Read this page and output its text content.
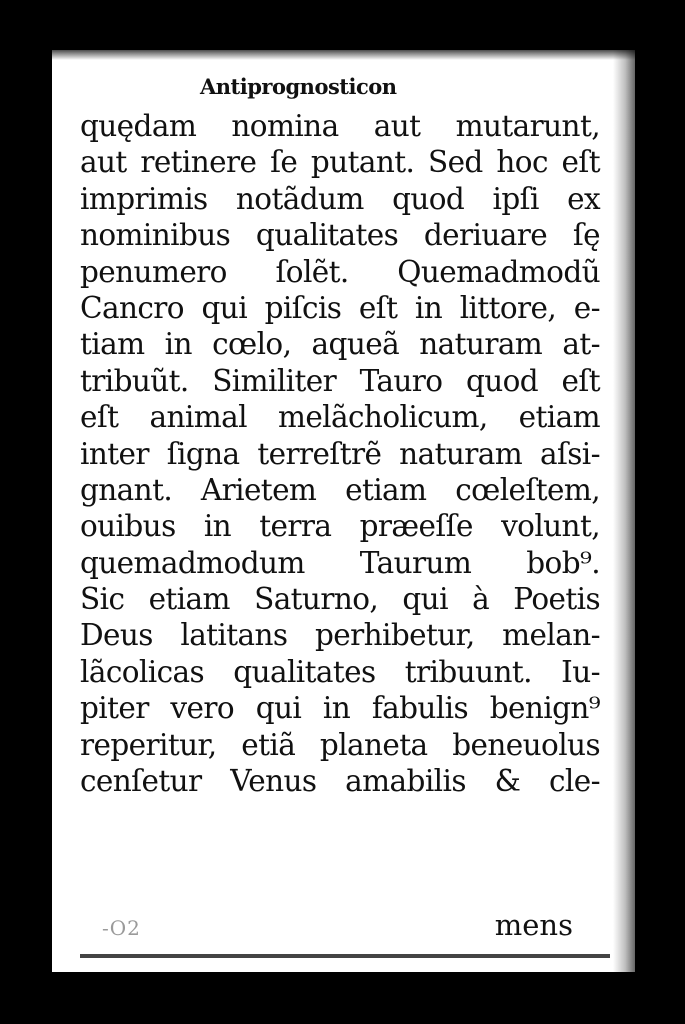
Antiprognosticon
quędam nomina aut mutarunt,
aut retinere ſe putant. Sed hoc eſt
imprimis notãdum quod ipſi ex
nominibus qualitates deriuare ſę
penumero ſolẽt. Quemadmodũ
Cancro qui piſcis eſt in littore, e-
tiam in cœlo, aqueã naturam at-
tribuũt. Similiter Tauro quod eſt
eſt animal melãcholicum, etiam
inter ſigna terreſtrẽ naturam aſsi-
gnant. Arietem etiam cœleſtem,
ouibus in terra præeſſe volunt,
quemadmodum Taurum bob⁹.
Sic etiam Saturno, qui à Poetis
Deus latitans perhibetur, melan-
lãcolicas qualitates tribuunt. Iu-
piter vero qui in fabulis benign⁹
reperitur, etiã planeta beneuolus
cenſetur Venus amabilis & cle-
-O2	mens
